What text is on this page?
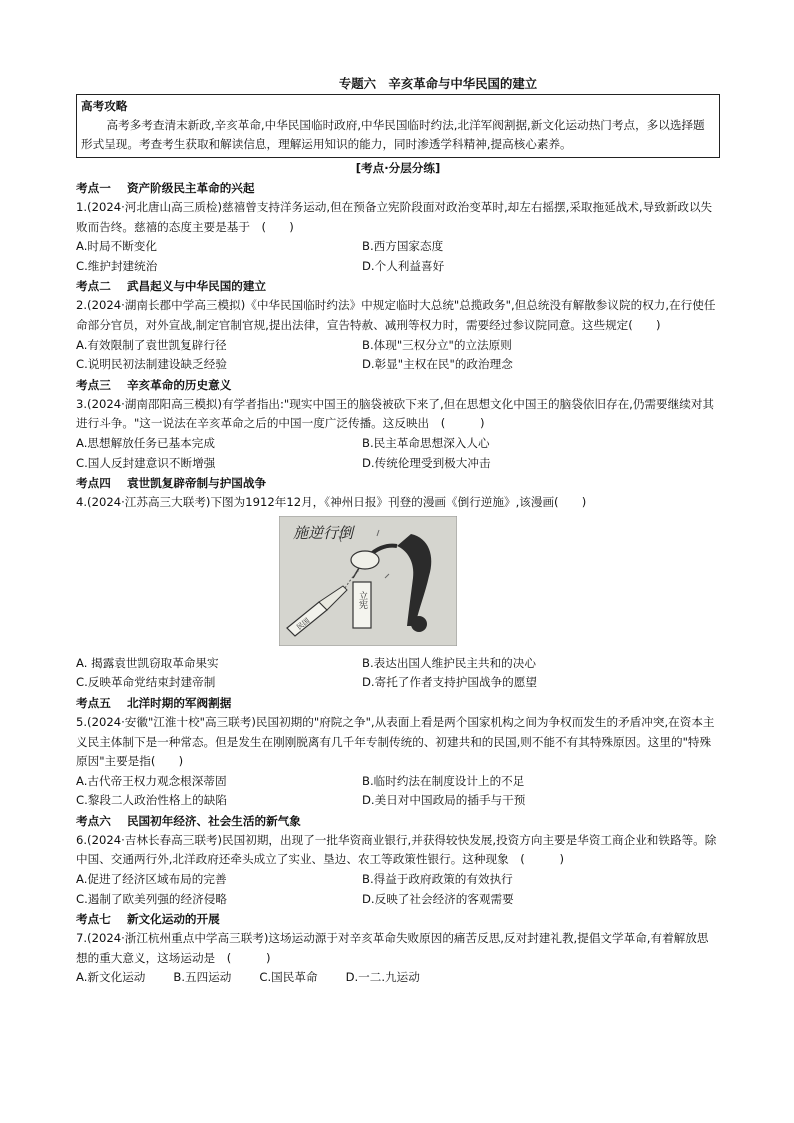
专题六　辛亥革命与中华民国的建立
高考攻略
高考多考查清末新政,辛亥革命,中华民国临时政府,中华民国临时约法,北洋军阀割据,新文化运动热门考点，多以选择题形式呈现。考查考生获取和解读信息，理解运用知识的能力，同时渗透学科精神,提高核心素养。
[考点·分层分练]
考点一 资产阶级民主革命的兴起
1.(2024·河北唐山高三质检)慈禧曾支持洋务运动,但在预备立宪阶段面对政治变革时,却左右摇摆,采取拖延战术,导致新政以失败而告终。慈禧的态度主要是基于　(　　)
A.时局不断变化	B.西方国家态度
C.维护封建统治	D.个人利益喜好
考点二 武昌起义与中华民国的建立
2.(2024·湖南长郡中学高三模拟)《中华民国临时约法》中规定临时大总统"总揽政务",但总统没有解散参议院的权力,在行使任命部分官员，对外宣战,制定官制官规,提出法律，宣告特赦、减刑等权力时，需要经过参议院同意。这些规定(　　)
A.有效限制了袁世凯复辟行径	B.体现"三权分立"的立法原则
C.说明民初法制建设缺乏经验	D.彰显"主权在民"的政治理念
考点三 辛亥革命的历史意义
3.(2024·湖南邵阳高三模拟)有学者指出:"现实中国王的脑袋被砍下来了,但在思想文化中国王的脑袋依旧存在,仍需要继续对其进行斗争。"这一说法在辛亥革命之后的中国一度广泛传播。这反映出　(　　　)
A.思想解放任务已基本完成	B.民主革命思想深入人心
C.国人反封建意识不断增强	D.传统伦理受到极大冲击
考点四 袁世凯复辟帝制与护国战争
4.(2024·江苏高三大联考)下图为1912年12月，《神州日报》刊登的漫画《倒行逆施》,该漫画(　　)
施逆行倒
立宪
民国
A. 揭露袁世凯窃取革命果实	B.表达出国人维护民主共和的决心
C.反映革命党结束封建帝制	D.寄托了作者支持护国战争的愿望
考点五 北洋时期的军阀割据
5.(2024·安徽"江淮十校"高三联考)民国初期的"府院之争",从表面上看是两个国家机构之间为争权而发生的矛盾冲突,在资本主义民主体制下是一种常态。但是发生在刚刚脱离有几千年专制传统的、初建共和的民国,则不能不有其特殊原因。这里的"特殊原因"主要是指(　　)
A.古代帝王权力观念根深蒂固	B.临时约法在制度设计上的不足
C.黎段二人政治性格上的缺陷	D.美日对中国政局的插手与干预
考点六 民国初年经济、社会生活的新气象
6.(2024·吉林长春高三联考)民国初期，出现了一批华资商业银行,并获得较快发展,投资方向主要是华资工商企业和铁路等。除中国、交通两行外,北洋政府还牵头成立了实业、垦边、农工等政策性银行。这种现象　(　　　)
A.促进了经济区域布局的完善	B.得益于政府政策的有效执行
C.遏制了欧美列强的经济侵略	D.反映了社会经济的客观需要
考点七 新文化运动的开展
7.(2024·浙江杭州重点中学高三联考)这场运动源于对辛亥革命失败原因的痛苦反思,反对封建礼教,提倡文学革命,有着解放思想的重大意义，这场运动是　(　　　)
A.新文化运动 B.五四运动 C.国民革命 D.一二.九运动
